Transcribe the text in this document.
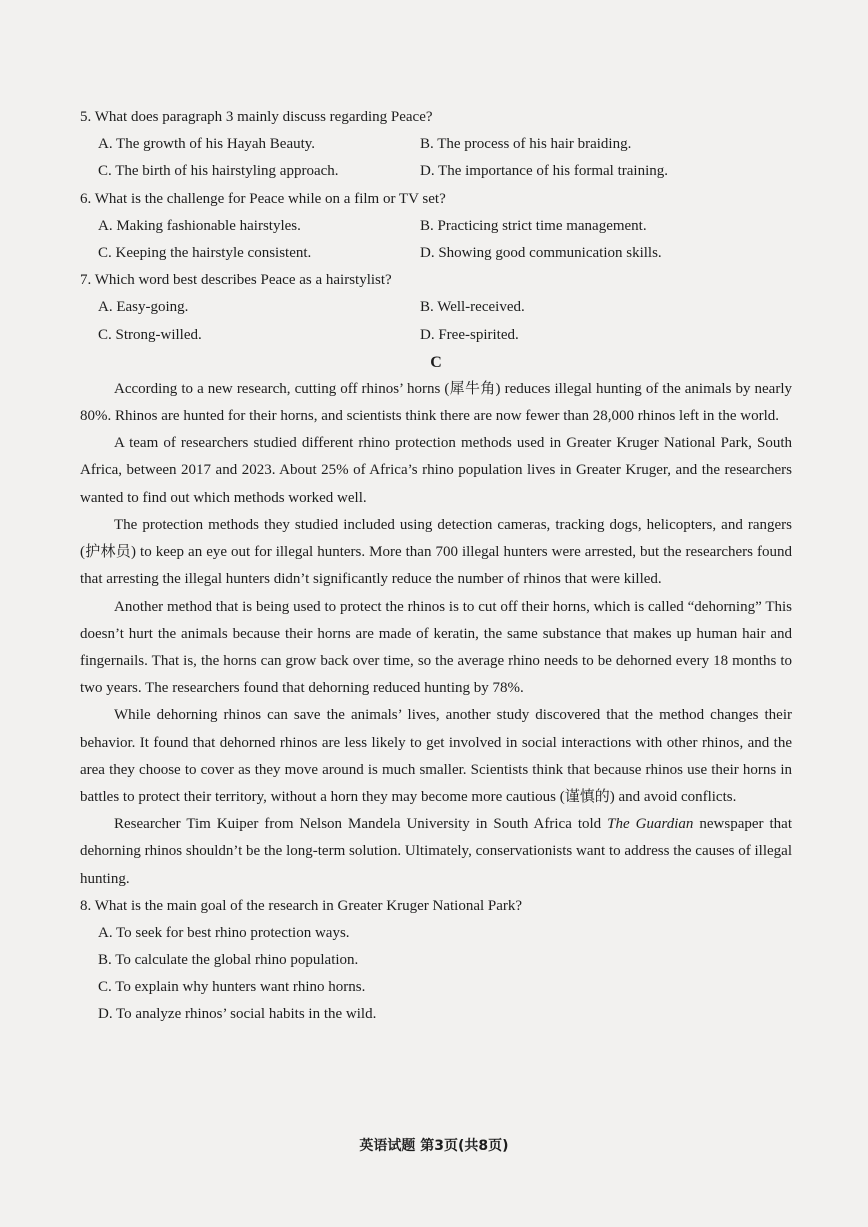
5. What does paragraph 3 mainly discuss regarding Peace?
A. The growth of his Hayah Beauty.	B. The process of his hair braiding.
C. The birth of his hairstyling approach.	D. The importance of his formal training.
6. What is the challenge for Peace while on a film or TV set?
A. Making fashionable hairstyles.	B. Practicing strict time management.
C. Keeping the hairstyle consistent.	D. Showing good communication skills.
7. Which word best describes Peace as a hairstylist?
A. Easy-going.	B. Well-received.
C. Strong-willed.	D. Free-spirited.
C

According to a new research, cutting off rhinos’ horns (犀牛角) reduces illegal hunting of the animals by nearly 80%. Rhinos are hunted for their horns, and scientists think there are now fewer than 28,000 rhinos left in the world.

A team of researchers studied different rhino protection methods used in Greater Kruger National Park, South Africa, between 2017 and 2023. About 25% of Africa’s rhino population lives in Greater Kruger, and the researchers wanted to find out which methods worked well.

The protection methods they studied included using detection cameras, tracking dogs, helicopters, and rangers (护林员) to keep an eye out for illegal hunters. More than 700 illegal hunters were arrested, but the researchers found that arresting the illegal hunters didn’t significantly reduce the number of rhinos that were killed.

Another method that is being used to protect the rhinos is to cut off their horns, which is called “dehorning” This doesn’t hurt the animals because their horns are made of keratin, the same substance that makes up human hair and fingernails. That is, the horns can grow back over time, so the average rhino needs to be dehorned every 18 months to two years. The researchers found that dehorning reduced hunting by 78%.

While dehorning rhinos can save the animals’ lives, another study discovered that the method changes their behavior. It found that dehorned rhinos are less likely to get involved in social interactions with other rhinos, and the area they choose to cover as they move around is much smaller. Scientists think that because rhinos use their horns in battles to protect their territory, without a horn they may become more cautious (谨慎的) and avoid conflicts.

Researcher Tim Kuiper from Nelson Mandela University in South Africa told The Guardian newspaper that dehorning rhinos shouldn’t be the long-term solution. Ultimately, conservationists want to address the causes of illegal hunting.

8. What is the main goal of the research in Greater Kruger National Park?
A. To seek for best rhino protection ways.
B. To calculate the global rhino population.
C. To explain why hunters want rhino horns.
D. To analyze rhinos’ social habits in the wild.
英语试题 第3页(共8页)
